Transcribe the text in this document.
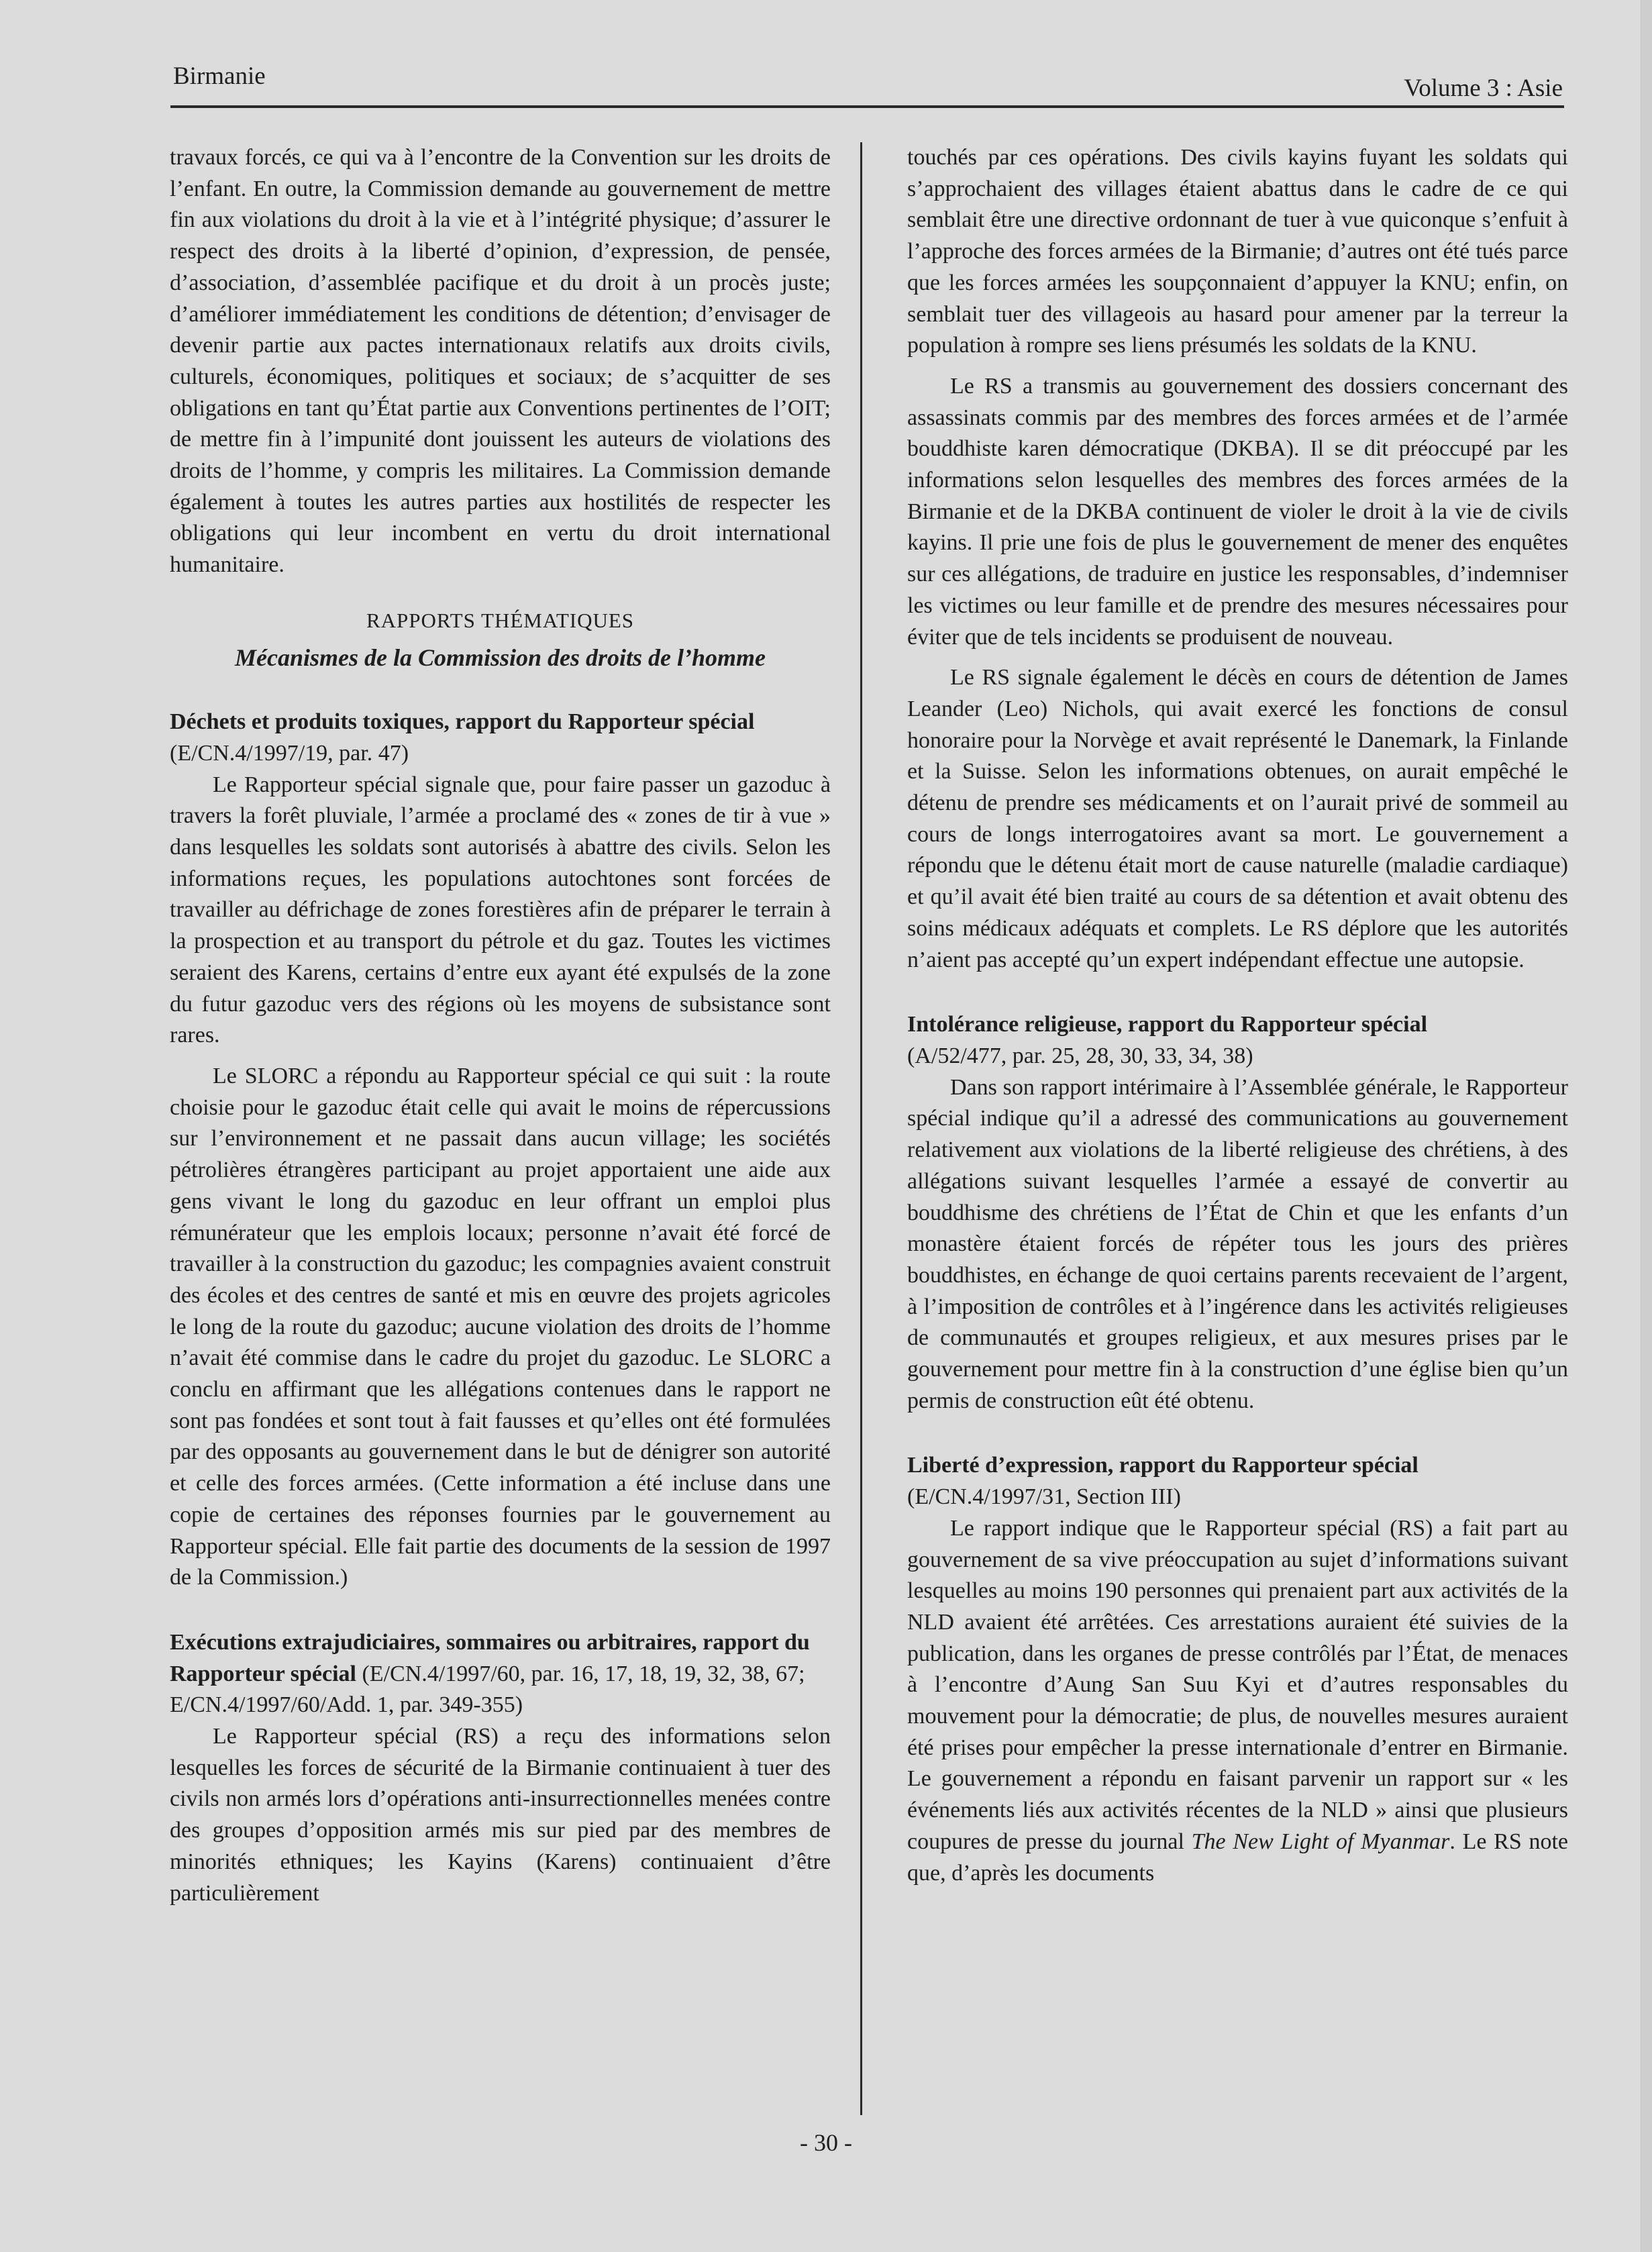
Birmanie	Volume 3 : Asie

travaux forcés, ce qui va à l’encontre de la Convention sur les droits de l’enfant. En outre, la Commission demande au gouvernement de mettre fin aux violations du droit à la vie et à l’intégrité physique; d’assurer le respect des droits à la liberté d’opinion, d’expression, de pensée, d’association, d’assemblée pacifique et du droit à un procès juste; d’améliorer immédiatement les conditions de détention; d’envisager de devenir partie aux pactes internationaux relatifs aux droits civils, culturels, économiques, politiques et sociaux; de s’acquitter de ses obligations en tant qu’État partie aux Conventions pertinentes de l’OIT; de mettre fin à l’impunité dont jouissent les auteurs de violations des droits de l’homme, y compris les militaires. La Commission demande également à toutes les autres parties aux hostilités de respecter les obligations qui leur incombent en vertu du droit international humanitaire.

RAPPORTS THÉMATIQUES
Mécanismes de la Commission des droits de l’homme
Déchets et produits toxiques, rapport du Rapporteur spécial (E/CN.4/1997/19, par. 47)

Le Rapporteur spécial signale que, pour faire passer un gazoduc à travers la forêt pluviale, l’armée a proclamé des « zones de tir à vue » dans lesquelles les soldats sont autorisés à abattre des civils. Selon les informations reçues, les populations autochtones sont forcées de travailler au défrichage de zones forestières afin de préparer le terrain à la prospection et au transport du pétrole et du gaz. Toutes les victimes seraient des Karens, certains d’entre eux ayant été expulsés de la zone du futur gazoduc vers des régions où les moyens de subsistance sont rares.

Le SLORC a répondu au Rapporteur spécial ce qui suit : la route choisie pour le gazoduc était celle qui avait le moins de répercussions sur l’environnement et ne passait dans aucun village; les sociétés pétrolières étrangères participant au projet apportaient une aide aux gens vivant le long du gazoduc en leur offrant un emploi plus rémunérateur que les emplois locaux; personne n’avait été forcé de travailler à la construction du gazoduc; les compagnies avaient construit des écoles et des centres de santé et mis en œuvre des projets agricoles le long de la route du gazoduc; aucune violation des droits de l’homme n’avait été commise dans le cadre du projet du gazoduc. Le SLORC a conclu en affirmant que les allégations contenues dans le rapport ne sont pas fondées et sont tout à fait fausses et qu’elles ont été formulées par des opposants au gouvernement dans le but de dénigrer son autorité et celle des forces armées. (Cette information a été incluse dans une copie de certaines des réponses fournies par le gouvernement au Rapporteur spécial. Elle fait partie des documents de la session de 1997 de la Commission.)

Exécutions extrajudiciaires, sommaires ou arbitraires, rapport du Rapporteur spécial (E/CN.4/1997/60, par. 16, 17, 18, 19, 32, 38, 67; E/CN.4/1997/60/Add. 1, par. 349-355)

Le Rapporteur spécial (RS) a reçu des informations selon lesquelles les forces de sécurité de la Birmanie continuaient à tuer des civils non armés lors d’opérations anti-insurrectionnelles menées contre des groupes d’opposition armés mis sur pied par des membres de minorités ethniques; les Kayins (Karens) continuaient d’être particulièrement

touchés par ces opérations. Des civils kayins fuyant les soldats qui s’approchaient des villages étaient abattus dans le cadre de ce qui semblait être une directive ordonnant de tuer à vue quiconque s’enfuit à l’approche des forces armées de la Birmanie; d’autres ont été tués parce que les forces armées les soupçonnaient d’appuyer la KNU; enfin, on semblait tuer des villageois au hasard pour amener par la terreur la population à rompre ses liens présumés les soldats de la KNU.

Le RS a transmis au gouvernement des dossiers concernant des assassinats commis par des membres des forces armées et de l’armée bouddhiste karen démocratique (DKBA). Il se dit préoccupé par les informations selon lesquelles des membres des forces armées de la Birmanie et de la DKBA continuent de violer le droit à la vie de civils kayins. Il prie une fois de plus le gouvernement de mener des enquêtes sur ces allégations, de traduire en justice les responsables, d’indemniser les victimes ou leur famille et de prendre des mesures nécessaires pour éviter que de tels incidents se produisent de nouveau.

Le RS signale également le décès en cours de détention de James Leander (Leo) Nichols, qui avait exercé les fonctions de consul honoraire pour la Norvège et avait représenté le Danemark, la Finlande et la Suisse. Selon les informations obtenues, on aurait empêché le détenu de prendre ses médicaments et on l’aurait privé de sommeil au cours de longs interrogatoires avant sa mort. Le gouvernement a répondu que le détenu était mort de cause naturelle (maladie cardiaque) et qu’il avait été bien traité au cours de sa détention et avait obtenu des soins médicaux adéquats et complets. Le RS déplore que les autorités n’aient pas accepté qu’un expert indépendant effectue une autopsie.

Intolérance religieuse, rapport du Rapporteur spécial
(A/52/477, par. 25, 28, 30, 33, 34, 38)

Dans son rapport intérimaire à l’Assemblée générale, le Rapporteur spécial indique qu’il a adressé des communications au gouvernement relativement aux violations de la liberté religieuse des chrétiens, à des allégations suivant lesquelles l’armée a essayé de convertir au bouddhisme des chrétiens de l’État de Chin et que les enfants d’un monastère étaient forcés de répéter tous les jours des prières bouddhistes, en échange de quoi certains parents recevaient de l’argent, à l’imposition de contrôles et à l’ingérence dans les activités religieuses de communautés et groupes religieux, et aux mesures prises par le gouvernement pour mettre fin à la construction d’une église bien qu’un permis de construction eût été obtenu.

Liberté d’expression, rapport du Rapporteur spécial
(E/CN.4/1997/31, Section III)

Le rapport indique que le Rapporteur spécial (RS) a fait part au gouvernement de sa vive préoccupation au sujet d’informations suivant lesquelles au moins 190 personnes qui prenaient part aux activités de la NLD avaient été arrêtées. Ces arrestations auraient été suivies de la publication, dans les organes de presse contrôlés par l’État, de menaces à l’encontre d’Aung San Suu Kyi et d’autres responsables du mouvement pour la démocratie; de plus, de nouvelles mesures auraient été prises pour empêcher la presse internationale d’entrer en Birmanie. Le gouvernement a répondu en faisant parvenir un rapport sur « les événements liés aux activités récentes de la NLD » ainsi que plusieurs coupures de presse du journal The New Light of Myanmar. Le RS note que, d’après les documents

- 30 -
